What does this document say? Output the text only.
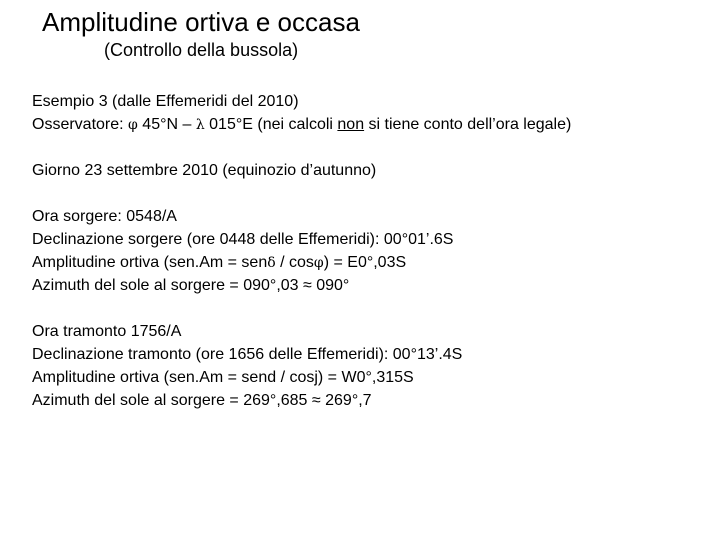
Amplitudine ortiva e occasa
(Controllo della bussola)
Esempio 3 (dalle Effemeridi del 2010)
Osservatore: φ 45°N – λ 015°E (nei calcoli non si tiene conto dell’ora legale)
Giorno 23 settembre 2010 (equinozio d’autunno)
Ora sorgere: 0548/A
Declinazione sorgere (ore 0448 delle Effemeridi): 00°01’.6S
Amplitudine ortiva (sen.Am = senδ / cosφ) = E0°,03S
Azimuth del sole al sorgere = 090°,03 ≈ 090°
Ora tramonto 1756/A
Declinazione tramonto (ore 1656 delle Effemeridi): 00°13’.4S
Amplitudine ortiva (sen.Am = send / cosj) = W0°,315S
Azimuth del sole al sorgere = 269°,685 ≈ 269°,7
